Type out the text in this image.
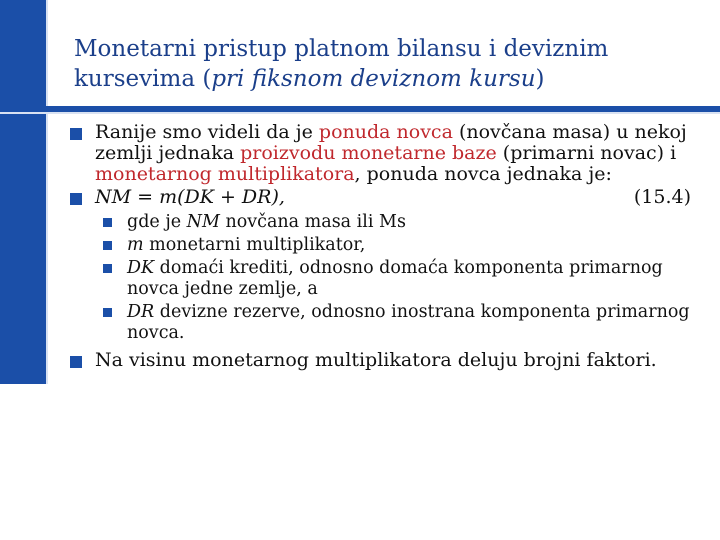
Monetarni pristup platnom bilansu i deviznim
kursevima (pri fiksnom deviznom kursu)
Ranije smo videli da je ponuda novca (novčana masa) u nekoj zemlji jednaka proizvodu monetarne baze (primarni novac) i monetarnog multiplikatora, ponuda novca jednaka je:
NM = m(DK + DR),	(15.4)
gde je NM novčana masa ili Ms
m monetarni multiplikator,
DK domaći krediti, odnosno domaća komponenta primarnog novca jedne zemlje, a
DR devizne rezerve, odnosno inostrana komponenta primarnog novca.
Na visinu monetarnog multiplikatora deluju brojni faktori.
